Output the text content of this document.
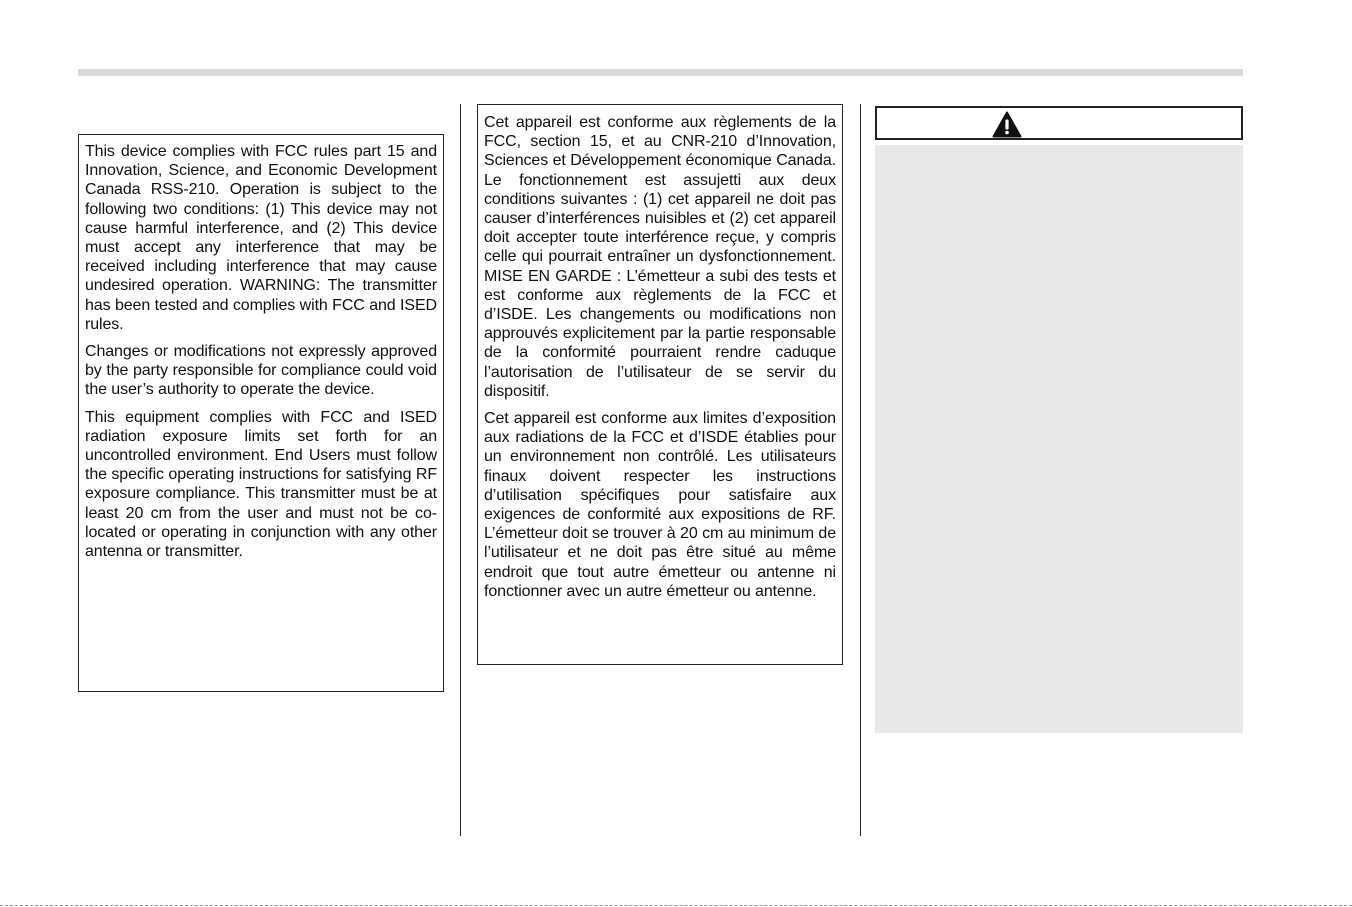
This device complies with FCC rules part 15 and Innovation, Science, and Economic Development Canada RSS-210. Operation is subject to the following two conditions: (1) This device may not cause harmful interference, and (2) This device must accept any interference that may be received including interference that may cause undesired operation. WARNING: The transmitter has been tested and complies with FCC and ISED rules.

Changes or modifications not expressly approved by the party responsible for compliance could void the user’s authority to operate the device.

This equipment complies with FCC and ISED radiation exposure limits set forth for an uncontrolled environment. End Users must follow the specific operating instructions for satisfying RF exposure compliance. This transmitter must be at least 20 cm from the user and must not be co-located or operating in conjunction with any other antenna or transmitter.

Cet appareil est conforme aux règlements de la FCC, section 15, et au CNR-210 d’Innovation, Sciences et Développement économique Canada. Le fonctionnement est assujetti aux deux conditions suivantes : (1) cet appareil ne doit pas causer d’interférences nuisibles et (2) cet appareil doit accepter toute interférence reçue, y compris celle qui pourrait entraîner un dysfonctionnement. MISE EN GARDE : L’émetteur a subi des tests et est conforme aux règlements de la FCC et d’ISDE. Les changements ou modifications non approuvés explicitement par la partie responsable de la conformité pourraient rendre caduque l’autorisation de l’utilisateur de se servir du dispositif.

Cet appareil est conforme aux limites d’exposition aux radiations de la FCC et d’ISDE établies pour un environnement non contrôlé. Les utilisateurs finaux doivent respecter les instructions d’utilisation spécifiques pour satisfaire aux exigences de conformité aux expositions de RF. L’émetteur doit se trouver à 20 cm au minimum de l’utilisateur et ne doit pas être situé au même endroit que tout autre émetteur ou antenne ni fonctionner avec un autre émetteur ou antenne.
